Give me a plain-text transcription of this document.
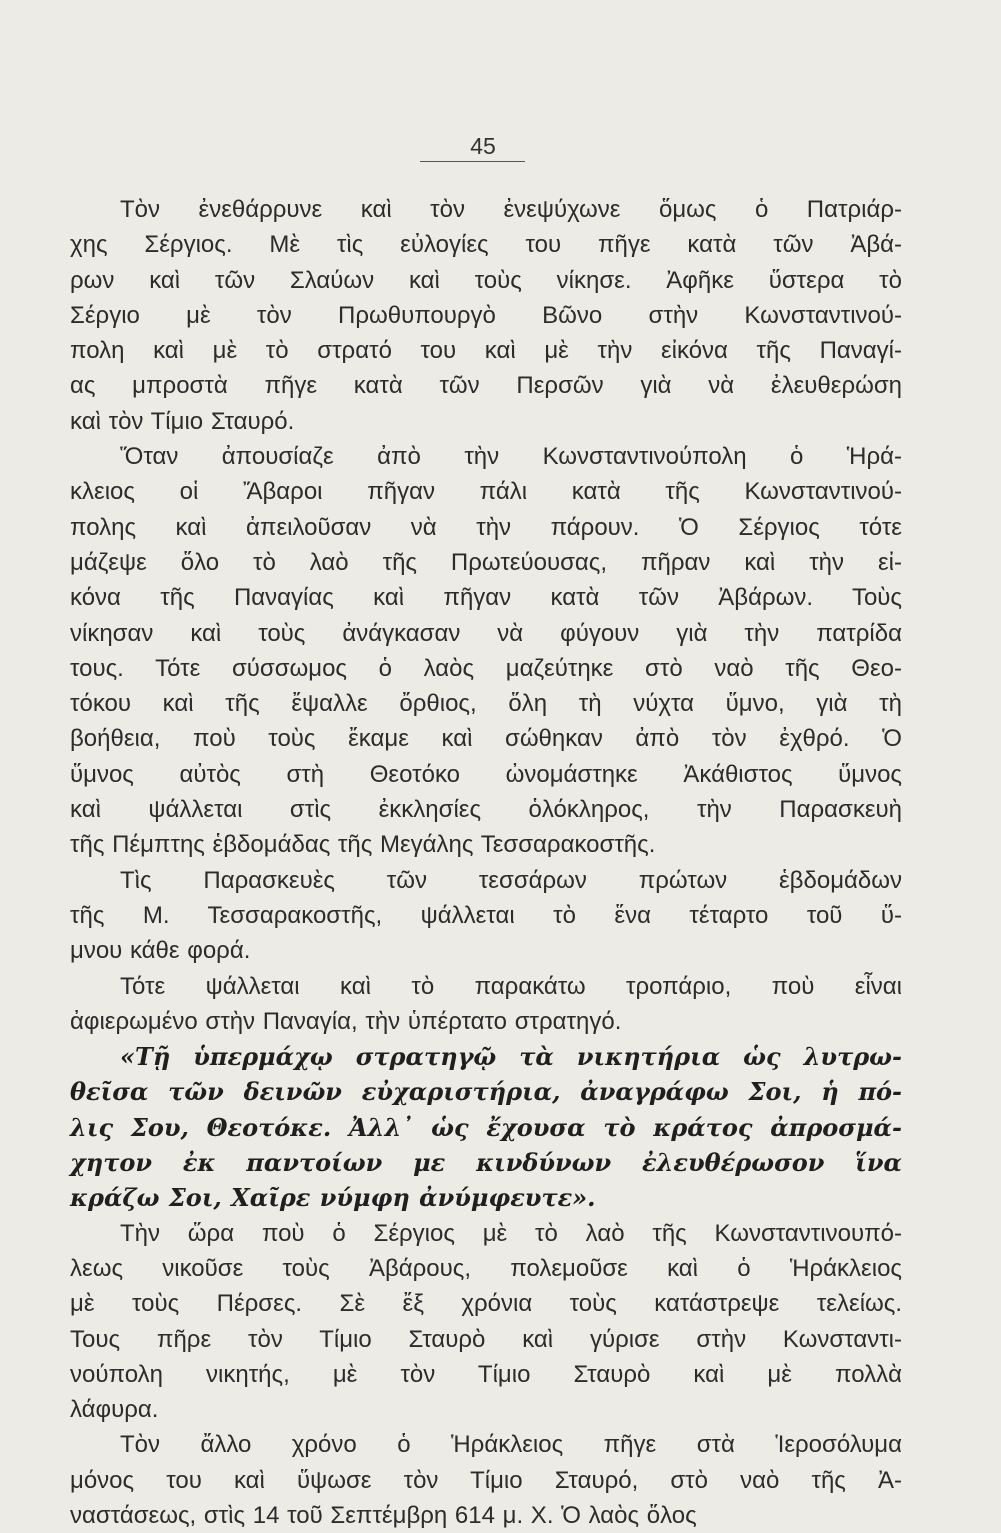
45
Τὸν ἐνεθάρρυνε καὶ τὸν ἐνεψύχωνε ὅμως ὁ Πατριάρ-
χης Σέργιος. Μὲ τὶς εὐλογίες του πῆγε κατὰ τῶν Ἀβά-
ρων καὶ τῶν Σλαύων καὶ τοὺς νίκησε. Ἀφῆκε ὕστερα τὸ
Σέργιο μὲ τὸν Πρωθυπουργὸ Βῶνο στὴν Κωνσταντινού-
πολη καὶ μὲ τὸ στρατό του καὶ μὲ τὴν εἰκόνα τῆς Παναγί-
ας μπροστὰ πῆγε κατὰ τῶν Περσῶν γιὰ νὰ ἐλευθερώση
καὶ τὸν Τίμιο Σταυρό.
Ὅταν ἀπουσίαζε ἀπὸ τὴν Κωνσταντινούπολη ὁ Ἡρά-
κλειος οἱ Ἄβαροι πῆγαν πάλι κατὰ τῆς Κωνσταντινού-
πολης καὶ ἀπειλοῦσαν νὰ τὴν πάρουν. Ὁ Σέργιος τότε
μάζεψε ὅλο τὸ λαὸ τῆς Πρωτεύουσας, πῆραν καὶ τὴν εἰ-
κόνα τῆς Παναγίας καὶ πῆγαν κατὰ τῶν Ἀβάρων. Τοὺς
νίκησαν καὶ τοὺς ἀνάγκασαν νὰ φύγουν γιὰ τὴν πατρίδα
τους. Τότε σύσσωμος ὁ λαὸς μαζεύτηκε στὸ ναὸ τῆς Θεο-
τόκου καὶ τῆς ἔψαλλε ὄρθιος, ὅλη τὴ νύχτα ὕμνο, γιὰ τὴ
βοήθεια, ποὺ τοὺς ἔκαμε καὶ σώθηκαν ἀπὸ τὸν ἐχθρό. Ὁ
ὕμνος αὐτὸς στὴ Θεοτόκο ὠνομάστηκε Ἀκάθιστος ὕμνος
καὶ ψάλλεται στὶς ἐκκλησίες ὁλόκληρος, τὴν Παρασκευὴ
τῆς Πέμπτης ἑβδομάδας τῆς Μεγάλης Τεσσαρακοστῆς.
Τὶς Παρασκευὲς τῶν τεσσάρων πρώτων ἑβδομάδων
τῆς Μ. Τεσσαρακοστῆς, ψάλλεται τὸ ἕνα τέταρτο τοῦ ὕ-
μνου κάθε φορά.
Τότε ψάλλεται καὶ τὸ παρακάτω τροπάριο, ποὺ εἶναι
ἀφιερωμένο στὴν Παναγία, τὴν ὑπέρτατο στρατηγό.
«Τῇ ὑπερμάχῳ στρατηγῷ τὰ νικητήρια ὡς λυτρω-
θεῖσα τῶν δεινῶν εὐχαριστήρια, ἀναγράφω Σοι, ἡ πό-
λις Σου, Θεοτόκε. Ἀλλ᾽ ὡς ἔχουσα τὸ κράτος ἀπροσμά-
χητον ἐκ παντοίων με κινδύνων ἐλευθέρωσον ἵνα
κράζω Σοι, Χαῖρε νύμφη ἀνύμφευτε».
Τὴν ὥρα ποὺ ὁ Σέργιος μὲ τὸ λαὸ τῆς Κωνσταντινουπό-
λεως νικοῦσε τοὺς Ἀβάρους, πολεμοῦσε καὶ ὁ Ἡράκλειος
μὲ τοὺς Πέρσες. Σὲ ἔξ χρόνια τοὺς κατάστρεψε τελείως.
Τους πῆρε τὸν Τίμιο Σταυρὸ καὶ γύρισε στὴν Κωνσταντι-
νούπολη νικητής, μὲ τὸν Τίμιο Σταυρὸ καὶ μὲ πολλὰ
λάφυρα.
Τὸν ἄλλο χρόνο ὁ Ἡράκλειος πῆγε στὰ Ἱεροσόλυμα
μόνος του καὶ ὕψωσε τὸν Τίμιο Σταυρό, στὸ ναὸ τῆς Ἀ-
ναστάσεως, στὶς 14 τοῦ Σεπτέμβρη 614 μ. Χ. Ὁ λαὸς ὅλος
